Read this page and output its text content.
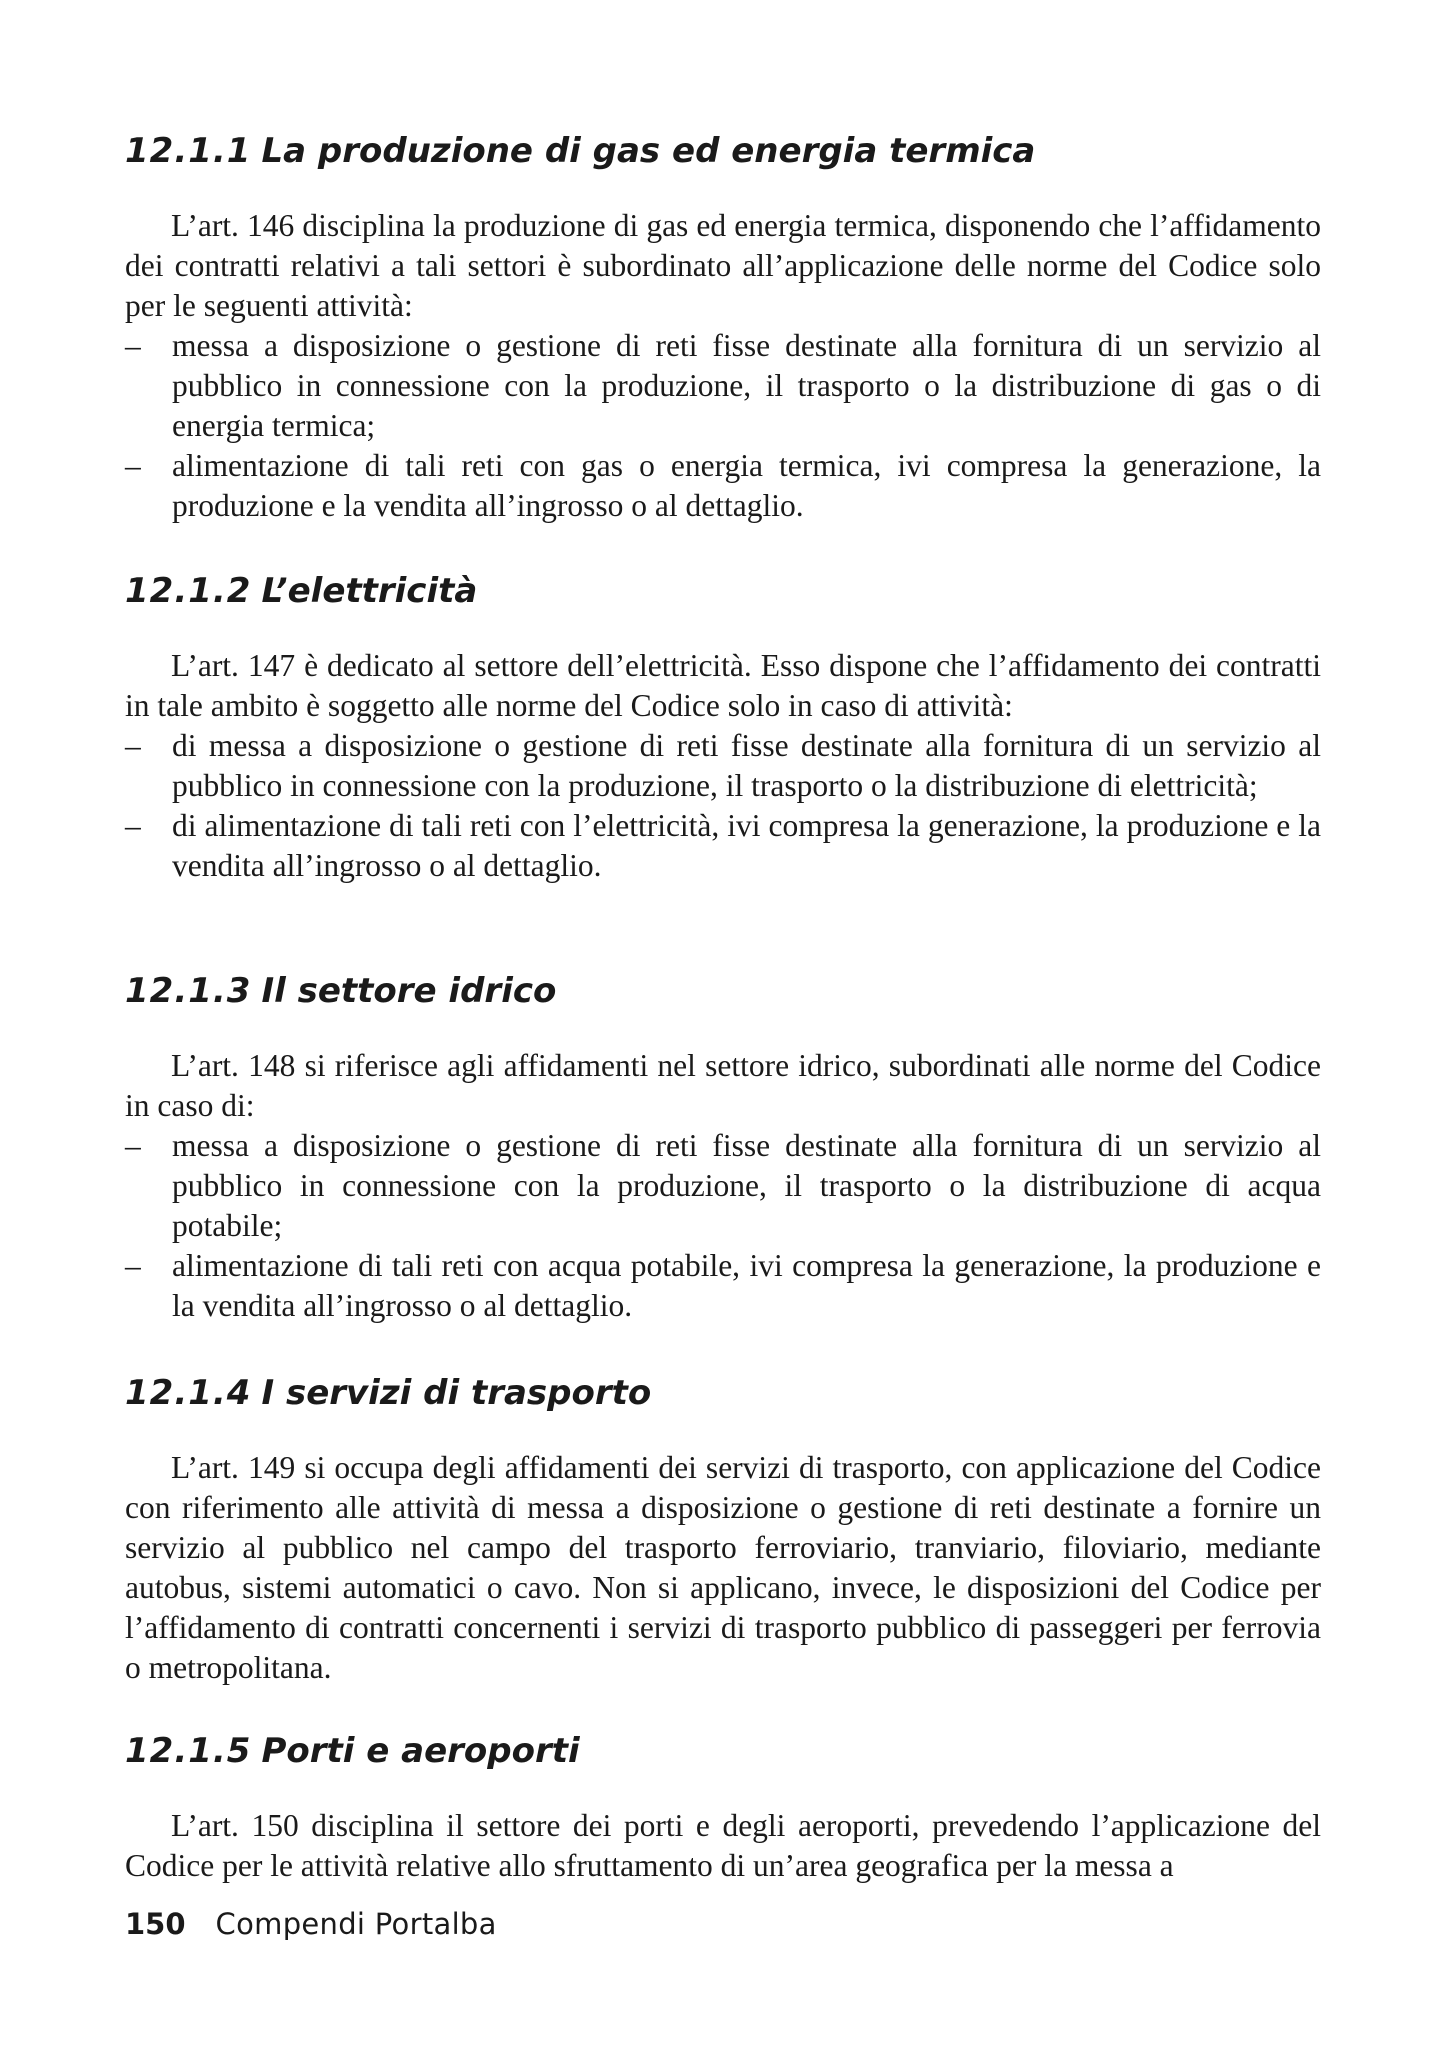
12.1.1 La produzione di gas ed energia termica

L’art. 146 disciplina la produzione di gas ed energia termica, disponendo che l’affidamento dei contratti relativi a tali settori è subordinato all’applicazione delle norme del Codice solo per le seguenti attività:

– messa a disposizione o gestione di reti fisse destinate alla fornitura di un servizio al pubblico in connessione con la produzione, il trasporto o la distribuzione di gas o di energia termica;
– alimentazione di tali reti con gas o energia termica, ivi compresa la generazione, la produzione e la vendita all’ingrosso o al dettaglio.
12.1.2 L’elettricità

L’art. 147 è dedicato al settore dell’elettricità. Esso dispone che l’affidamento dei contratti in tale ambito è soggetto alle norme del Codice solo in caso di attività:

– di messa a disposizione o gestione di reti fisse destinate alla fornitura di un servizio al pubblico in connessione con la produzione, il trasporto o la distribuzione di elettricità;
– di alimentazione di tali reti con l’elettricità, ivi compresa la generazione, la produzione e la vendita all’ingrosso o al dettaglio.
12.1.3 Il settore idrico

L’art. 148 si riferisce agli affidamenti nel settore idrico, subordinati alle norme del Codice in caso di:

– messa a disposizione o gestione di reti fisse destinate alla fornitura di un servizio al pubblico in connessione con la produzione, il trasporto o la distribuzione di acqua potabile;
– alimentazione di tali reti con acqua potabile, ivi compresa la generazione, la produzione e la vendita all’ingrosso o al dettaglio.
12.1.4 I servizi di trasporto

L’art. 149 si occupa degli affidamenti dei servizi di trasporto, con applicazione del Codice con riferimento alle attività di messa a disposizione o gestione di reti destinate a fornire un servizio al pubblico nel campo del trasporto ferroviario, tranviario, filoviario, mediante autobus, sistemi automatici o cavo. Non si applicano, invece, le disposizioni del Codice per l’affidamento di contratti concernenti i servizi di trasporto pubblico di passeggeri per ferrovia o metropolitana.

12.1.5 Porti e aeroporti

L’art. 150 disciplina il settore dei porti e degli aeroporti, prevedendo l’applicazione del Codice per le attività relative allo sfruttamento di un’area geografica per la messa a

150 Compendi Portalba
